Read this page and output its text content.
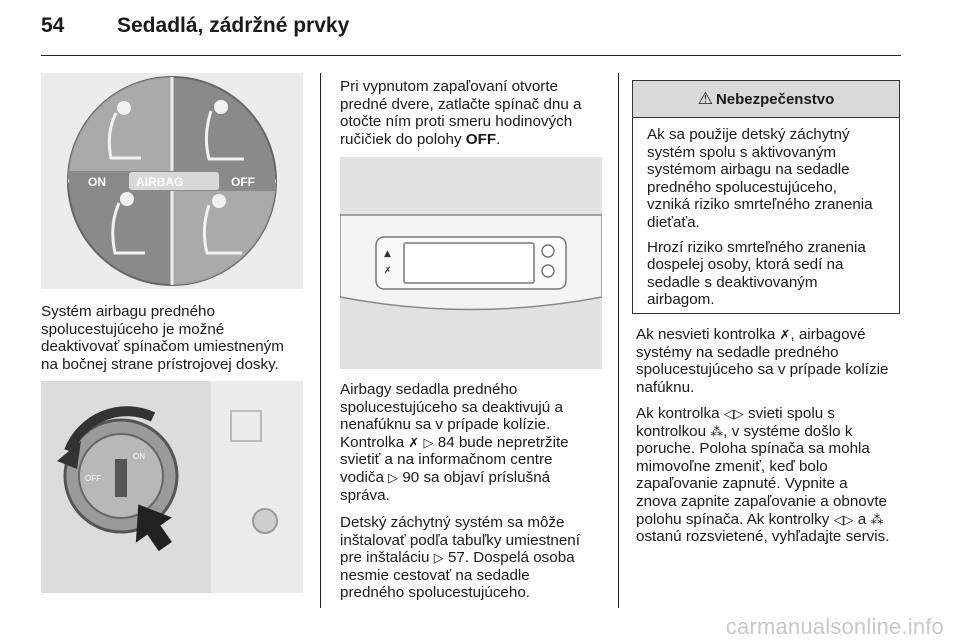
54	Sedadlá, zádržné prvky
ON	AIRBAG	OFF

Systém airbagu predného
spolucestujúceho je možné
deaktivovať spínačom umiestneným
na bočnej strane prístrojovej dosky.

ON
OFF

Pri vypnutom zapaľovaní otvorte
predné dvere, zatlačte spínač dnu a
otočte ním proti smeru hodinových
ručičiek do polohy OFF.

▲
✗

Airbagy sedadla predného
spolucestujúceho sa deaktivujú a
nenafúknu sa v prípade kolízie.
Kontrolka ✗ ▷ 84 bude nepretržite
svietiť a na informačnom centre
vodiča ▷ 90 sa objaví príslušná
správa.

Detský záchytný systém sa môže
inštalovať podľa tabuľky umiestnení
pre inštaláciu ▷ 57. Dospelá osoba
nesmie cestovať na sedadle
predného spolucestujúceho.

⚠ Nebezpečenstvo

Ak sa použije detský záchytný
systém spolu s aktivovaným
systémom airbagu na sedadle
predného spolucestujúceho,
vzniká riziko smrteľného zranenia
dieťaťa.

Hrozí riziko smrteľného zranenia
dospelej osoby, ktorá sedí na
sedadle s deaktivovaným
airbagom.

Ak nesvieti kontrolka ✗, airbagové
systémy na sedadle predného
spolucestujúceho sa v prípade kolízie
nafúknu.

Ak kontrolka ◁▷ svieti spolu s
kontrolkou ⁂, v systéme došlo k
poruche. Poloha spínača sa mohla
mimovoľne zmeniť, keď bolo
zapaľovanie zapnuté. Vypnite a
znova zapnite zapaľovanie a obnovte
polohu spínača. Ak kontrolky ◁▷ a ⁂
ostanú rozsvietené, vyhľadajte servis.

carmanualsonline.info
